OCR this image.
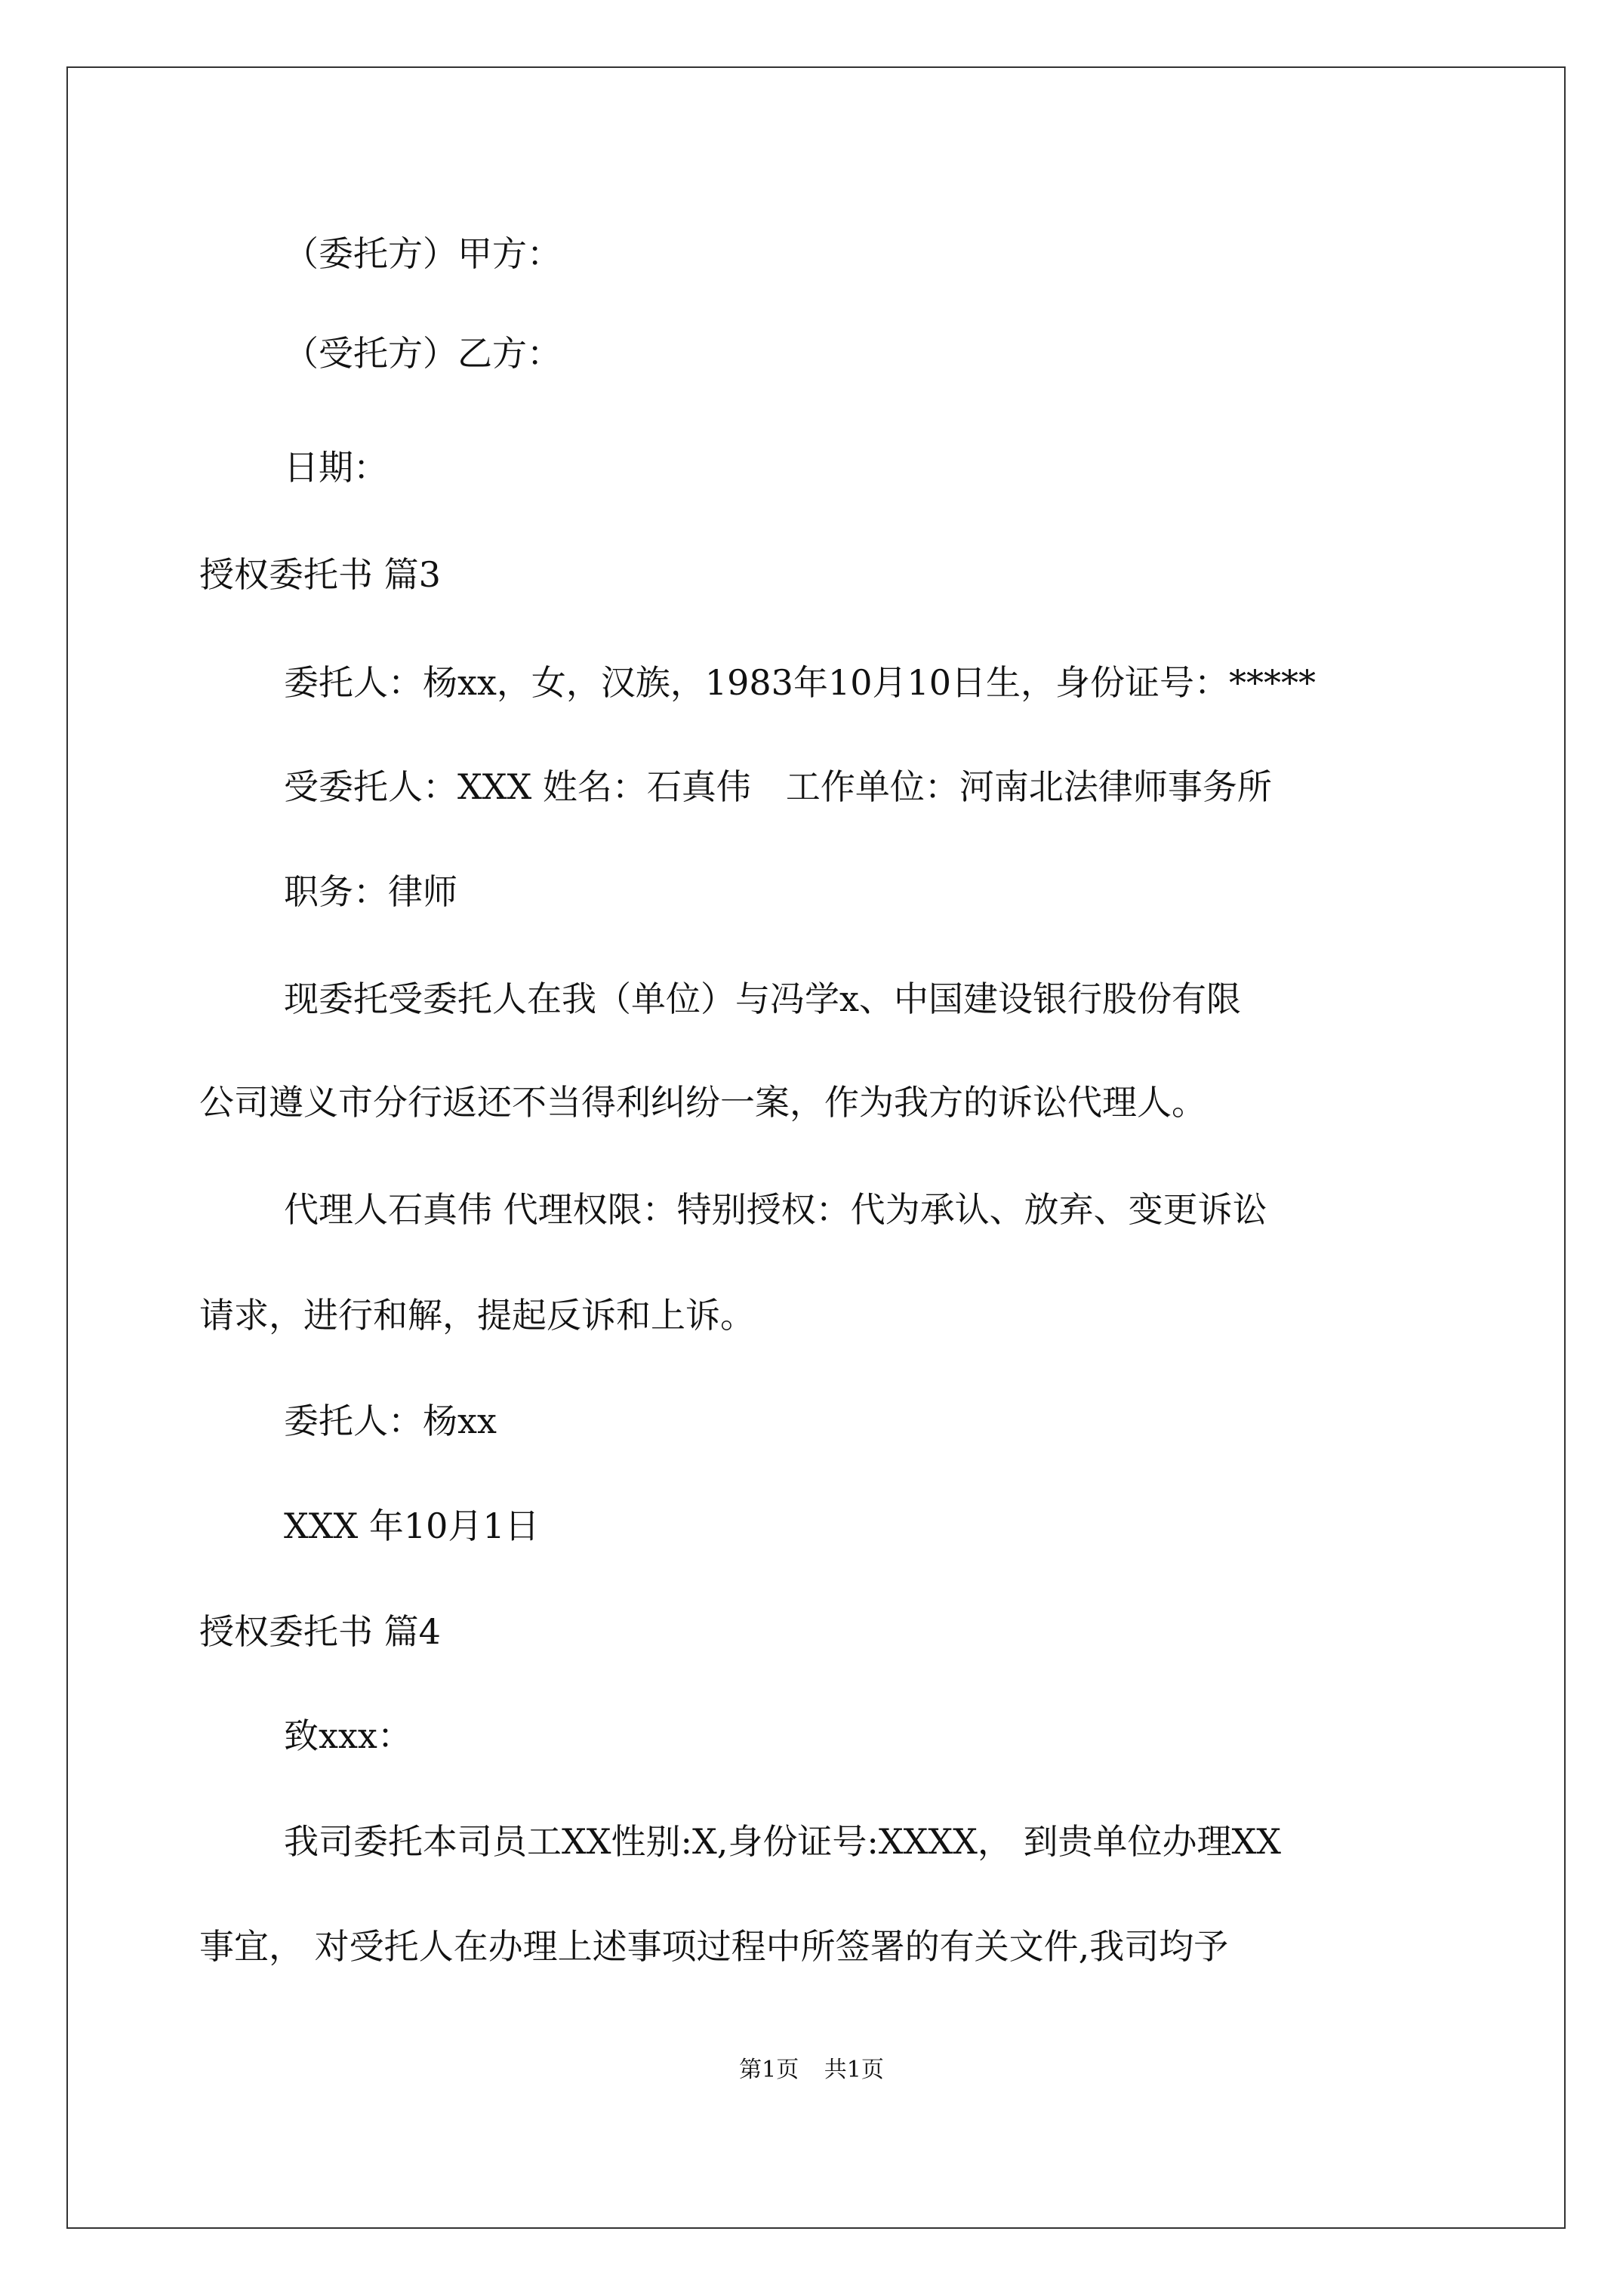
（委托方）甲方：
（受托方）乙方：
日期：
授权委托书 篇3
委托人：杨xx，女，汉族，1983年10月10日生，身份证号：*****
受委托人：XXX 姓名：石真伟　工作单位：河南北法律师事务所
职务：律师
现委托受委托人在我（单位）与冯学x、中国建设银行股份有限
公司遵义市分行返还不当得利纠纷一案，作为我方的诉讼代理人。
代理人石真伟 代理权限：特别授权：代为承认、放弃、变更诉讼
请求，进行和解，提起反诉和上诉。
委托人：杨xx
XXX 年10月1日
授权委托书 篇4
致xxx：
我司委托本司员工XX性别:X,身份证号:XXXX， 到贵单位办理XX
事宜， 对受托人在办理上述事项过程中所签署的有关文件,我司均予
第1页 共1页
